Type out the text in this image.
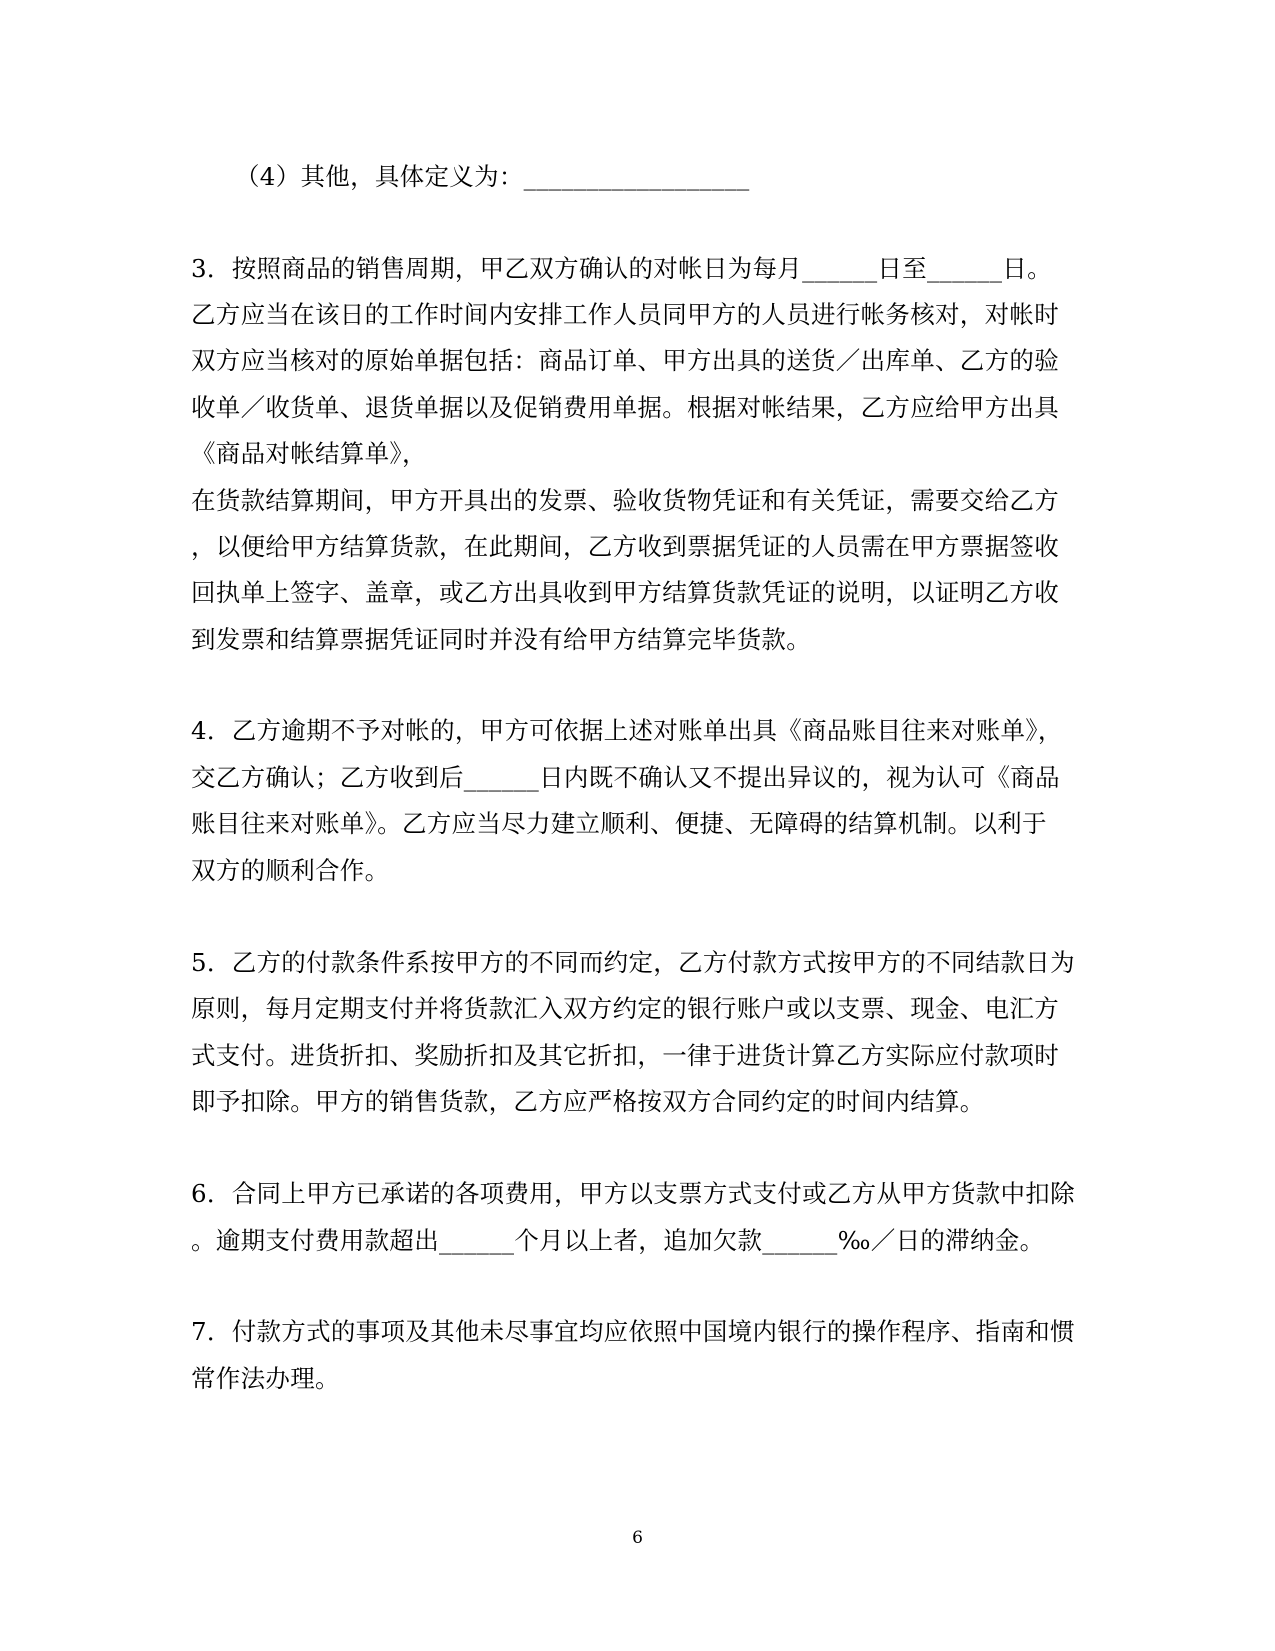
（4）其他，具体定义为：__________________
3．按照商品的销售周期，甲乙双方确认的对帐日为每月______日至______日。
乙方应当在该日的工作时间内安排工作人员同甲方的人员进行帐务核对，对帐时
双方应当核对的原始单据包括：商品订单、甲方出具的送货／出库单、乙方的验
收单／收货单、退货单据以及促销费用单据。根据对帐结果，乙方应给甲方出具
《商品对帐结算单》，
在货款结算期间，甲方开具出的发票、验收货物凭证和有关凭证，需要交给乙方
，以便给甲方结算货款，在此期间，乙方收到票据凭证的人员需在甲方票据签收
回执单上签字、盖章，或乙方出具收到甲方结算货款凭证的说明，以证明乙方收
到发票和结算票据凭证同时并没有给甲方结算完毕货款。
4．乙方逾期不予对帐的，甲方可依据上述对账单出具《商品账目往来对账单》，
交乙方确认；乙方收到后______日内既不确认又不提出异议的，视为认可《商品
账目往来对账单》。乙方应当尽力建立顺利、便捷、无障碍的结算机制。以利于
双方的顺利合作。
5．乙方的付款条件系按甲方的不同而约定，乙方付款方式按甲方的不同结款日为
原则，每月定期支付并将货款汇入双方约定的银行账户或以支票、现金、电汇方
式支付。进货折扣、奖励折扣及其它折扣，一律于进货计算乙方实际应付款项时
即予扣除。甲方的销售货款，乙方应严格按双方合同约定的时间内结算。
6．合同上甲方已承诺的各项费用，甲方以支票方式支付或乙方从甲方货款中扣除
。逾期支付费用款超出______个月以上者，追加欠款______‰／日的滞纳金。
7．付款方式的事项及其他未尽事宜均应依照中国境内银行的操作程序、指南和惯
常作法办理。
6
